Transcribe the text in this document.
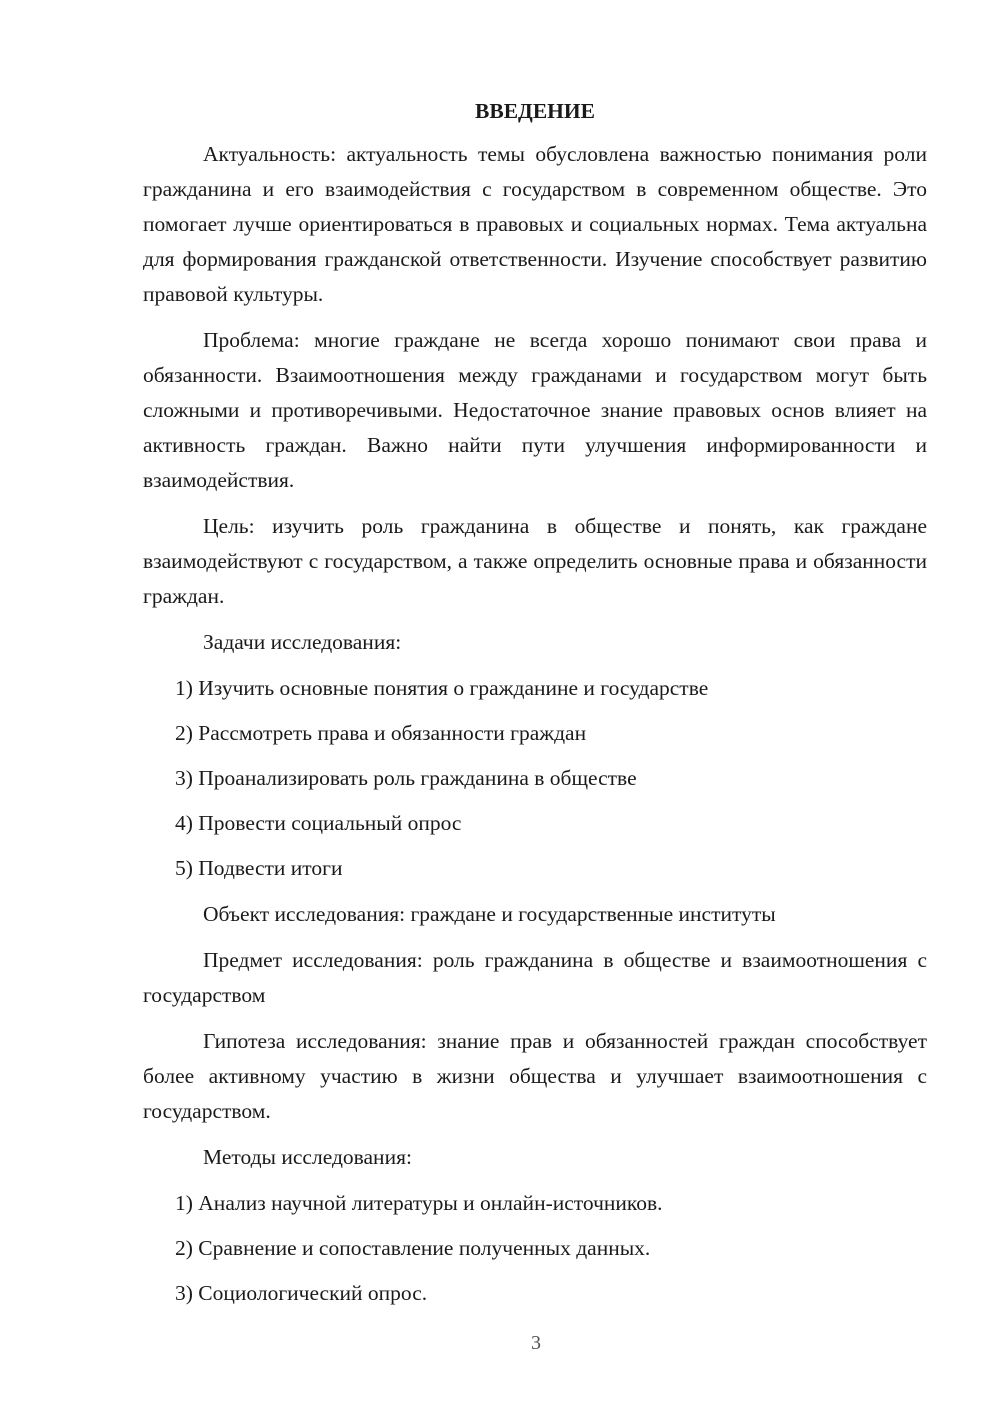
ВВЕДЕНИЕ

Актуальность: актуальность темы обусловлена важностью понимания роли гражданина и его взаимодействия с государством в современном обществе. Это помогает лучше ориентироваться в правовых и социальных нормах. Тема актуальна для формирования гражданской ответственности. Изучение способствует развитию правовой культуры.

Проблема: многие граждане не всегда хорошо понимают свои права и обязанности. Взаимоотношения между гражданами и государством могут быть сложными и противоречивыми. Недостаточное знание правовых основ влияет на активность граждан. Важно найти пути улучшения информированности и взаимодействия.

Цель: изучить роль гражданина в обществе и понять, как граждане взаимодействуют с государством, а также определить основные права и обязанности граждан.

Задачи исследования:
1) Изучить основные понятия о гражданине и государстве
2) Рассмотреть права и обязанности граждан
3) Проанализировать роль гражданина в обществе
4) Провести социальный опрос
5) Подвести итоги

Объект исследования: граждане и государственные институты

Предмет исследования: роль гражданина в обществе и взаимоотношения с государством

Гипотеза исследования: знание прав и обязанностей граждан способствует более активному участию в жизни общества и улучшает взаимоотношения с государством.

Методы исследования:
1) Анализ научной литературы и онлайн-источников.
2) Сравнение и сопоставление полученных данных.
3) Социологический опрос.
3
